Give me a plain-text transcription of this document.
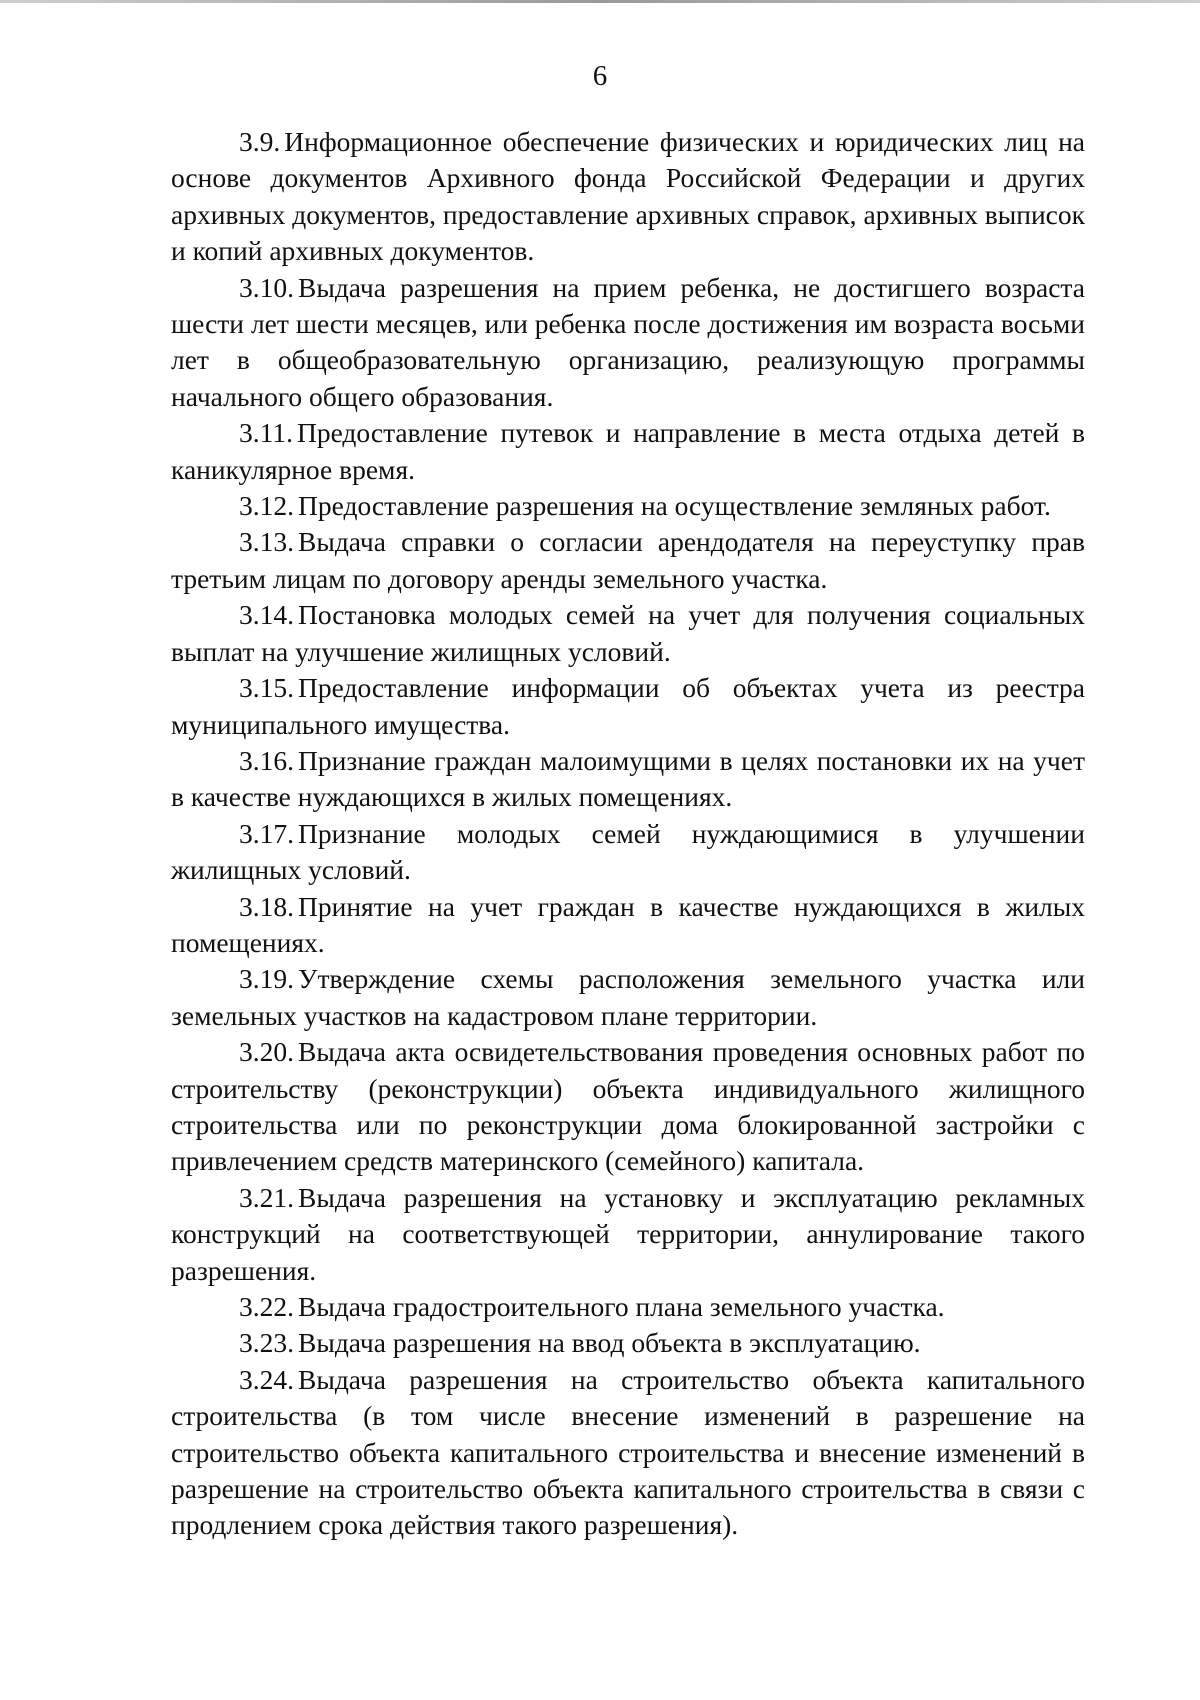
6

3.9. Информационное обеспечение физических и юридических лиц на основе документов Архивного фонда Российской Федерации и других архивных документов, предоставление архивных справок, архивных выписок и копий архивных документов.

3.10. Выдача разрешения на прием ребенка, не достигшего возраста шести лет шести месяцев, или ребенка после достижения им возраста восьми лет в общеобразовательную организацию, реализующую программы начального общего образования.

3.11. Предоставление путевок и направление в места отдыха детей в каникулярное время.

3.12. Предоставление разрешения на осуществление земляных работ.

3.13. Выдача справки о согласии арендодателя на переуступку прав третьим лицам по договору аренды земельного участка.

3.14. Постановка молодых семей на учет для получения социальных выплат на улучшение жилищных условий.

3.15. Предоставление информации об объектах учета из реестра муниципального имущества.

3.16. Признание граждан малоимущими в целях постановки их на учет в качестве нуждающихся в жилых помещениях.

3.17. Признание молодых семей нуждающимися в улучшении жилищных условий.

3.18. Принятие на учет граждан в качестве нуждающихся в жилых помещениях.

3.19. Утверждение схемы расположения земельного участка или земельных участков на кадастровом плане территории.

3.20. Выдача акта освидетельствования проведения основных работ по строительству (реконструкции) объекта индивидуального жилищного строительства или по реконструкции дома блокированной застройки с привлечением средств материнского (семейного) капитала.

3.21. Выдача разрешения на установку и эксплуатацию рекламных конструкций на соответствующей территории, аннулирование такого разрешения.

3.22. Выдача градостроительного плана земельного участка.

3.23. Выдача разрешения на ввод объекта в эксплуатацию.

3.24. Выдача разрешения на строительство объекта капитального строительства (в том числе внесение изменений в разрешение на строительство объекта капитального строительства и внесение изменений в разрешение на строительство объекта капитального строительства в связи с продлением срока действия такого разрешения).
